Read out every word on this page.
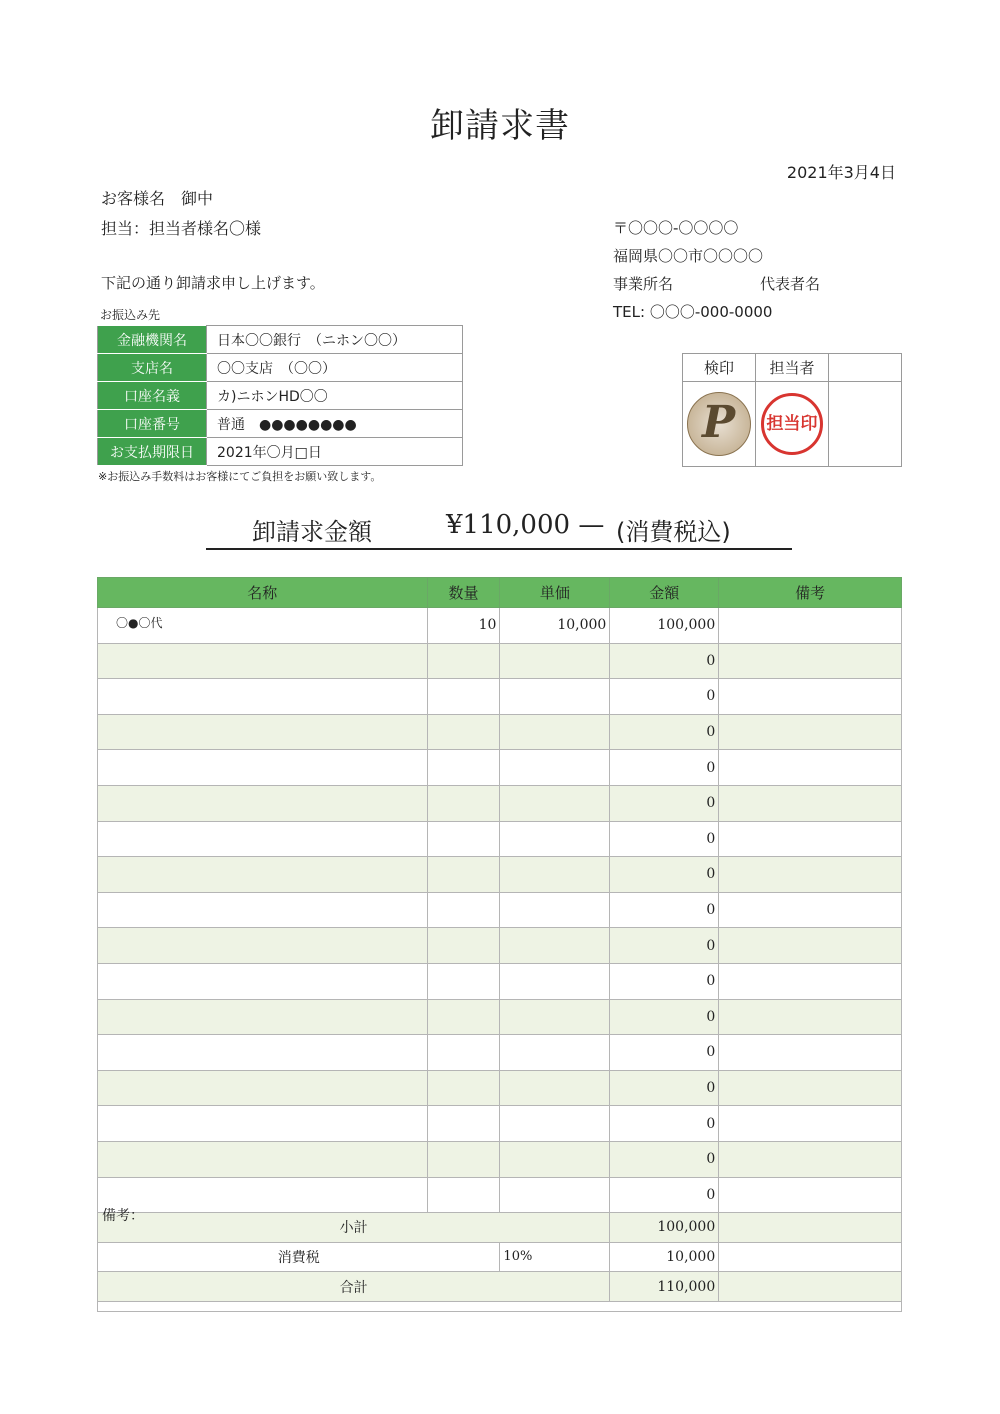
卸請求書
2021年3月4日
お客様名　御中
担当：担当者様名〇様
下記の通り卸請求申し上げます。
お振込み先
〒〇〇〇-〇〇〇〇
福岡県〇〇市〇〇〇〇
事業所名	代表者名
TEL: 〇〇〇-000-0000
金融機関名	日本〇〇銀行　（ニホン〇〇）
支店名	〇〇支店　（〇〇）
口座名義	カ)ニホンHD〇〇
口座番号	普通　●●●●●●●●
お支払期限日	2021年〇月□日
※お振込み手数料はお客様にてご負担をお願い致します。
検印	担当者	

P	担当印	

卸請求金額	¥110,000 — (消費税込)
名称	数量	単価	金額	備考
〇●〇代	10	10,000	100,000	
			0	
			0	
			0	
			0	
			0	
			0	
			0	
			0	
			0	
			0	
			0	
			0	
			0	
			0	
			0	
			0	
小計			100,000	
消費税		10%	10,000	
合計			110,000	
備考：
